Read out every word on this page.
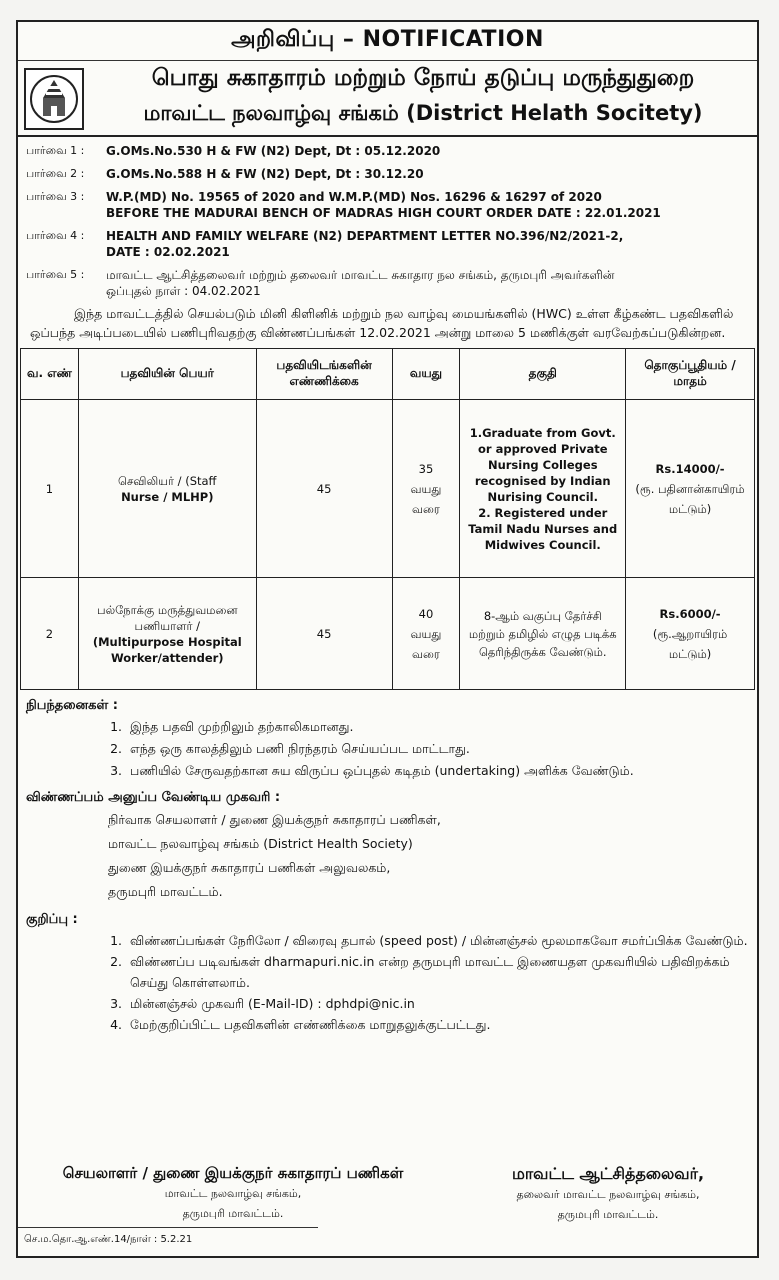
அறிவிப்பு – NOTIFICATION
பொது சுகாதாரம் மற்றும் நோய் தடுப்பு மருந்துதுறை
மாவட்ட நலவாழ்வு சங்கம் (District Helath Socitety)
பார்வை 1 :	G.OMs.No.530 H & FW (N2) Dept, Dt : 05.12.2020
பார்வை 2 :	G.OMs.No.588 H & FW (N2) Dept, Dt : 30.12.20
பார்வை 3 :	W.P.(MD) No. 19565 of 2020 and W.M.P.(MD) Nos. 16296 & 16297 of 2020
BEFORE THE MADURAI BENCH OF MADRAS HIGH COURT ORDER DATE : 22.01.2021
பார்வை 4 :	HEALTH AND FAMILY WELFARE (N2) DEPARTMENT LETTER NO.396/N2/2021-2,
DATE : 02.02.2021
பார்வை 5 :	மாவட்ட ஆட்சித்தலைவர் மற்றும் தலைவர் மாவட்ட சுகாதார நல சங்கம், தருமபுரி அவர்களின்
ஒப்புதல் நாள் : 04.02.2021
இந்த மாவட்டத்தில் செயல்படும் மினி கிளினிக் மற்றும் நல வாழ்வு மையங்களில் (HWC) உள்ள கீழ்கண்ட பதவிகளில் ஒப்பந்த அடிப்படையில் பணிபுரிவதற்கு விண்ணப்பங்கள் 12.02.2021 அன்று மாலை 5 மணிக்குள் வரவேற்கப்படுகின்றன.
வ. எண்	பதவியின் பெயர்	பதவியிடங்களின் எண்ணிக்கை	வயது	தகுதி	தொகுப்பூதியம் / மாதம்
1	செவிலியர் / (Staff
Nurse / MLHP)	45	35
வயது
வரை	1.Graduate from Govt. or approved Private Nursing Colleges recognised by Indian Nurising Council.
2. Registered under Tamil Nadu Nurses and Midwives Council.	Rs.14000/-
(ரூ. பதினான்காயிரம் மட்டும்)
2	பல்நோக்கு மருத்துவமனை பணியாளர் /
(Multipurpose Hospital Worker/attender)	45	40
வயது
வரை	8-ஆம் வகுப்பு தேர்ச்சி மற்றும் தமிழில் எழுத படிக்க தெரிந்திருக்க வேண்டும்.	Rs.6000/-
(ரூ.ஆறாயிரம் மட்டும்)
நிபந்தனைகள் :
1. இந்த பதவி முற்றிலும் தற்காலிகமானது.
2. எந்த ஒரு காலத்திலும் பணி நிரந்தரம் செய்யப்பட மாட்டாது.
3. பணியில் சேருவதற்கான சுய விருப்ப ஒப்புதல் கடிதம் (undertaking) அளிக்க வேண்டும்.
விண்ணப்பம் அனுப்ப வேண்டிய முகவரி :
நிர்வாக செயலாளர் / துணை இயக்குநர் சுகாதாரப் பணிகள்,
மாவட்ட நலவாழ்வு சங்கம் (District Health Society)
துணை இயக்குநர் சுகாதாரப் பணிகள் அலுவலகம்,
தருமபுரி மாவட்டம்.
குறிப்பு :
1. விண்ணப்பங்கள் நேரிலோ / விரைவு தபால் (speed post) / மின்னஞ்சல் மூலமாகவோ சமர்ப்பிக்க வேண்டும்.
2. விண்ணப்ப படிவங்கள் dharmapuri.nic.in என்ற தருமபுரி மாவட்ட இணையதள முகவரியில் பதிவிறக்கம் செய்து கொள்ளலாம்.
3. மின்னஞ்சல் முகவரி (E-Mail-ID) : dphdpi@nic.in
4. மேற்குறிப்பிட்ட பதவிகளின் எண்ணிக்கை மாறுதலுக்குட்பட்டது.
செயலாளர் / துணை இயக்குநர் சுகாதாரப் பணிகள்
மாவட்ட நலவாழ்வு சங்கம்,
தருமபுரி மாவட்டம்.
மாவட்ட ஆட்சித்தலைவர்,
தலைவர் மாவட்ட நலவாழ்வு சங்கம்,
தருமபுரி மாவட்டம்.
செ.ம.தொ.ஆ.எண்.14/நாள் : 5.2.21
